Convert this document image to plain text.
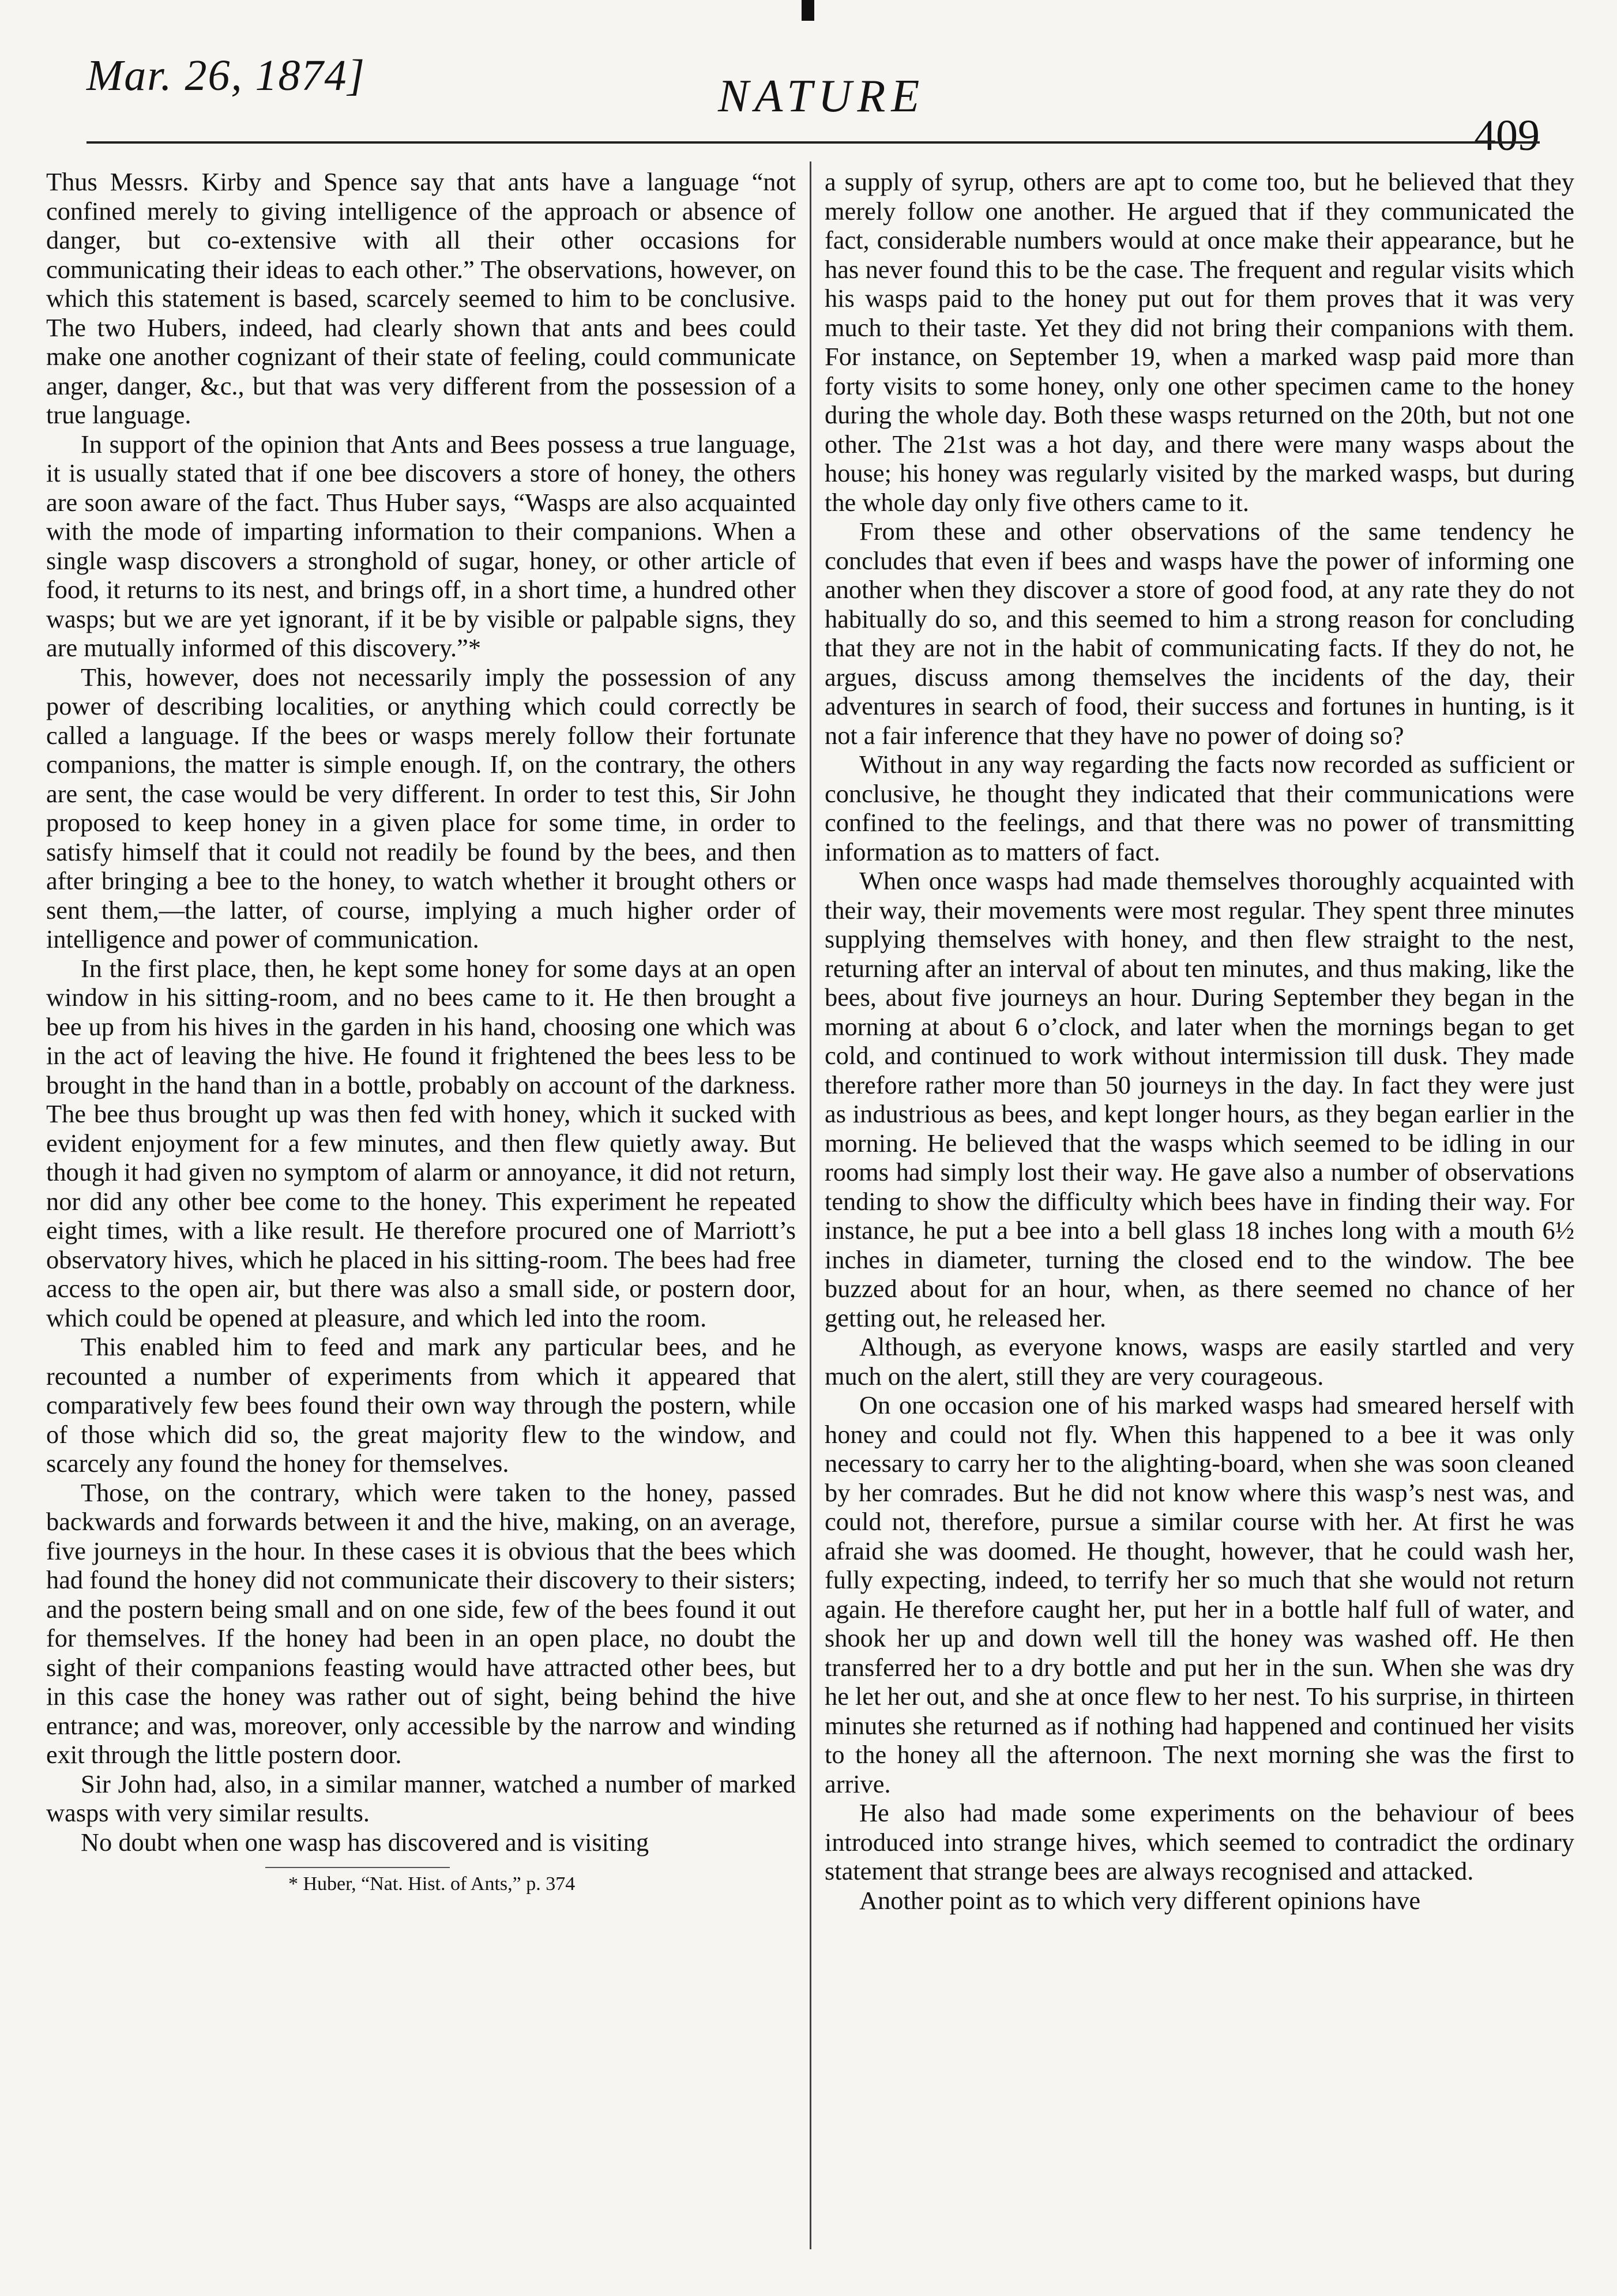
Mar. 26, 1874]	NATURE
409

Thus Messrs. Kirby and Spence say that ants have a language “not confined merely to giving intelligence of the approach or absence of danger, but co-extensive with all their other occasions for communicating their ideas to each other.” The observations, however, on which this statement is based, scarcely seemed to him to be conclusive. The two Hubers, indeed, had clearly shown that ants and bees could make one another cognizant of their state of feeling, could communicate anger, danger, &c., but that was very different from the possession of a true language.

In support of the opinion that Ants and Bees possess a true language, it is usually stated that if one bee discovers a store of honey, the others are soon aware of the fact. Thus Huber says, “Wasps are also acquainted with the mode of imparting information to their companions. When a single wasp discovers a stronghold of sugar, honey, or other article of food, it returns to its nest, and brings off, in a short time, a hundred other wasps; but we are yet ignorant, if it be by visible or palpable signs, they are mutually informed of this discovery.”*

This, however, does not necessarily imply the possession of any power of describing localities, or anything which could correctly be called a language. If the bees or wasps merely follow their fortunate companions, the matter is simple enough. If, on the contrary, the others are sent, the case would be very different. In order to test this, Sir John proposed to keep honey in a given place for some time, in order to satisfy himself that it could not readily be found by the bees, and then after bringing a bee to the honey, to watch whether it brought others or sent them,—the latter, of course, implying a much higher order of intelligence and power of communication.

In the first place, then, he kept some honey for some days at an open window in his sitting-room, and no bees came to it. He then brought a bee up from his hives in the garden in his hand, choosing one which was in the act of leaving the hive. He found it frightened the bees less to be brought in the hand than in a bottle, probably on account of the darkness. The bee thus brought up was then fed with honey, which it sucked with evident enjoyment for a few minutes, and then flew quietly away. But though it had given no symptom of alarm or annoyance, it did not return, nor did any other bee come to the honey. This experiment he repeated eight times, with a like result. He therefore procured one of Marriott’s observatory hives, which he placed in his sitting-room. The bees had free access to the open air, but there was also a small side, or postern door, which could be opened at pleasure, and which led into the room.

This enabled him to feed and mark any particular bees, and he recounted a number of experiments from which it appeared that comparatively few bees found their own way through the postern, while of those which did so, the great majority flew to the window, and scarcely any found the honey for themselves.

Those, on the contrary, which were taken to the honey, passed backwards and forwards between it and the hive, making, on an average, five journeys in the hour. In these cases it is obvious that the bees which had found the honey did not communicate their discovery to their sisters; and the postern being small and on one side, few of the bees found it out for themselves. If the honey had been in an open place, no doubt the sight of their companions feasting would have attracted other bees, but in this case the honey was rather out of sight, being behind the hive entrance; and was, moreover, only accessible by the narrow and winding exit through the little postern door.

Sir John had, also, in a similar manner, watched a number of marked wasps with very similar results.

No doubt when one wasp has discovered and is visiting

* Huber, “Nat. Hist. of Ants,” p. 374

a supply of syrup, others are apt to come too, but he believed that they merely follow one another. He argued that if they communicated the fact, considerable numbers would at once make their appearance, but he has never found this to be the case. The frequent and regular visits which his wasps paid to the honey put out for them proves that it was very much to their taste. Yet they did not bring their companions with them. For instance, on September 19, when a marked wasp paid more than forty visits to some honey, only one other specimen came to the honey during the whole day. Both these wasps returned on the 20th, but not one other. The 21st was a hot day, and there were many wasps about the house; his honey was regularly visited by the marked wasps, but during the whole day only five others came to it.

From these and other observations of the same tendency he concludes that even if bees and wasps have the power of informing one another when they discover a store of good food, at any rate they do not habitually do so, and this seemed to him a strong reason for concluding that they are not in the habit of communicating facts. If they do not, he argues, discuss among themselves the incidents of the day, their adventures in search of food, their success and fortunes in hunting, is it not a fair inference that they have no power of doing so?

Without in any way regarding the facts now recorded as sufficient or conclusive, he thought they indicated that their communications were confined to the feelings, and that there was no power of transmitting information as to matters of fact.

When once wasps had made themselves thoroughly acquainted with their way, their movements were most regular. They spent three minutes supplying themselves with honey, and then flew straight to the nest, returning after an interval of about ten minutes, and thus making, like the bees, about five journeys an hour. During September they began in the morning at about 6 o’clock, and later when the mornings began to get cold, and continued to work without intermission till dusk. They made therefore rather more than 50 journeys in the day. In fact they were just as industrious as bees, and kept longer hours, as they began earlier in the morning. He believed that the wasps which seemed to be idling in our rooms had simply lost their way. He gave also a number of observations tending to show the difficulty which bees have in finding their way. For instance, he put a bee into a bell glass 18 inches long with a mouth 6½ inches in diameter, turning the closed end to the window. The bee buzzed about for an hour, when, as there seemed no chance of her getting out, he released her.

Although, as everyone knows, wasps are easily startled and very much on the alert, still they are very courageous.

On one occasion one of his marked wasps had smeared herself with honey and could not fly. When this happened to a bee it was only necessary to carry her to the alighting-board, when she was soon cleaned by her comrades. But he did not know where this wasp’s nest was, and could not, therefore, pursue a similar course with her. At first he was afraid she was doomed. He thought, however, that he could wash her, fully expecting, indeed, to terrify her so much that she would not return again. He therefore caught her, put her in a bottle half full of water, and shook her up and down well till the honey was washed off. He then transferred her to a dry bottle and put her in the sun. When she was dry he let her out, and she at once flew to her nest. To his surprise, in thirteen minutes she returned as if nothing had happened and continued her visits to the honey all the afternoon. The next morning she was the first to arrive.

He also had made some experiments on the behaviour of bees introduced into strange hives, which seemed to contradict the ordinary statement that strange bees are always recognised and attacked.

Another point as to which very different opinions have
